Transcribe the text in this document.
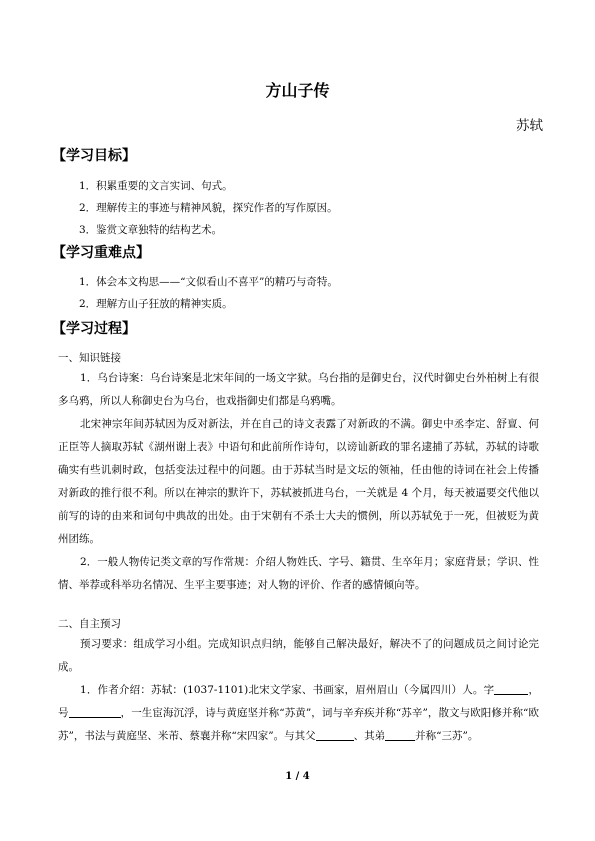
方山子传
苏轼
【学习目标】
1．积累重要的文言实词、句式。
2．理解传主的事迹与精神风貌，探究作者的写作原因。
3．鉴赏文章独特的结构艺术。
【学习重难点】
1．体会本文构思——“文似看山不喜平”的精巧与奇特。
2．理解方山子狂放的精神实质。
【学习过程】
一、知识链接
1．乌台诗案：乌台诗案是北宋年间的一场文字狱。乌台指的是御史台，汉代时御史台外柏树上有很多乌鸦，所以人称御史台为乌台，也戏指御史们都是乌鸦嘴。
北宋神宗年间苏轼因为反对新法，并在自己的诗文表露了对新政的不满。御史中丞李定、舒亶、何正臣等人摘取苏轼《湖州谢上表》中语句和此前所作诗句，以谤讪新政的罪名逮捕了苏轼，苏轼的诗歌确实有些讥刺时政，包括变法过程中的问题。由于苏轼当时是文坛的领袖，任由他的诗词在社会上传播对新政的推行很不利。所以在神宗的默许下，苏轼被抓进乌台，一关就是 4 个月，每天被逼要交代他以前写的诗的由来和词句中典故的出处。由于宋朝有不杀士大夫的惯例，所以苏轼免于一死，但被贬为黄州团练。
2．一般人物传记类文章的写作常规：介绍人物姓氏、字号、籍贯、生卒年月；家庭背景；学识、性情、举荐或科举功名情况、生平主要事迹；对人物的评价、作者的感情倾向等。
二、自主预习
预习要求：组成学习小组。完成知识点归纳，能够自己解决最好，解决不了的问题成员之间讨论完成。
1．作者介绍：苏轼：(1037-1101)北宋文学家、书画家，眉州眉山（今属四川）人。字	，号	，一生宦海沉浮，诗与黄庭坚并称“苏黄”，词与辛弃疾并称“苏辛”，散文与欧阳修并称“欧苏”，书法与黄庭坚、米芾、蔡襄并称“宋四家”。与其父	、其弟	并称“三苏”。
1 / 4
